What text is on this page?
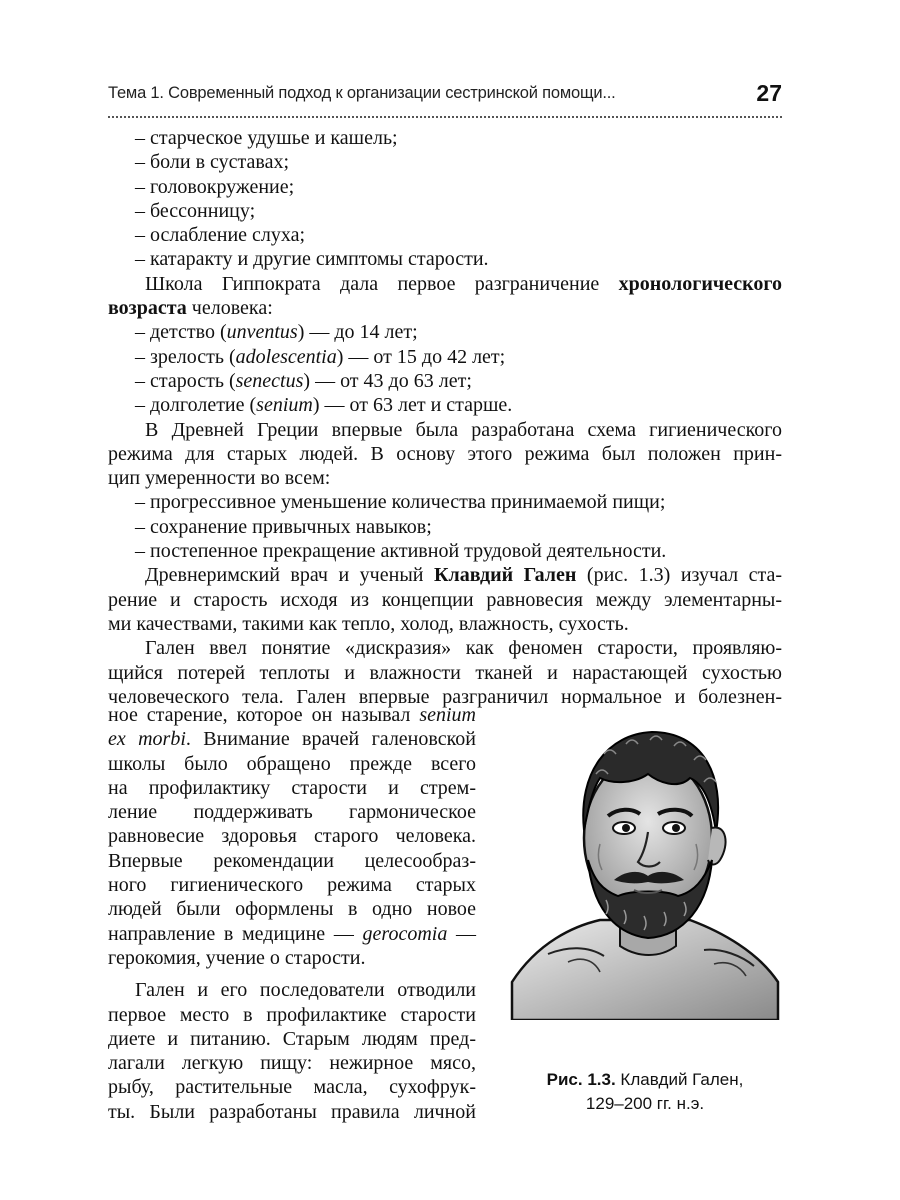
Тема 1. Современный подход к организации сестринской помощи...	27
– старческое удушье и кашель;
– боли в суставах;
– головокружение;
– бессонницу;
– ослабление слуха;
– катаракту и другие симптомы старости.
Школа Гиппократа дала первое разграничение хронологического
возраста человека:
– детство (unventus) — до 14 лет;
– зрелость (adolescentia) — от 15 до 42 лет;
– старость (senectus) — от 43 до 63 лет;
– долголетие (senium) — от 63 лет и старше.
В Древней Греции впервые была разработана схема гигиенического
режима для старых людей. В основу этого режима был положен прин-
цип умеренности во всем:
– прогрессивное уменьшение количества принимаемой пищи;
– сохранение привычных навыков;
– постепенное прекращение активной трудовой деятельности.
Древнеримский врач и ученый Клавдий Гален (рис. 1.3) изучал ста-
рение и старость исходя из концепции равновесия между элементарны-
ми качествами, такими как тепло, холод, влажность, сухость.
Гален ввел понятие «дискразия» как феномен старости, проявляю-
щийся потерей теплоты и влажности тканей и нарастающей сухостью
человеческого тела. Гален впервые разграничил нормальное и болезнен-
ное старение, которое он называл senium
ex morbi. Внимание врачей галеновской
школы было обращено прежде всего
на профилактику старости и стрем-
ление поддерживать гармоническое
равновесие здоровья старого человека.
Впервые рекомендации целесообраз-
ного гигиенического режима старых
людей были оформлены в одно новое
направление в медицине — gerocomia —
герокомия, учение о старости.
Гален и его последователи отводили
первое место в профилактике старости
диете и питанию. Старым людям пред-
лагали легкую пищу: нежирное мясо,
рыбу, растительные масла, сухофрук-
ты. Были разработаны правила личной
Рис. 1.3. Клавдий Гален,
129–200 гг. н.э.
